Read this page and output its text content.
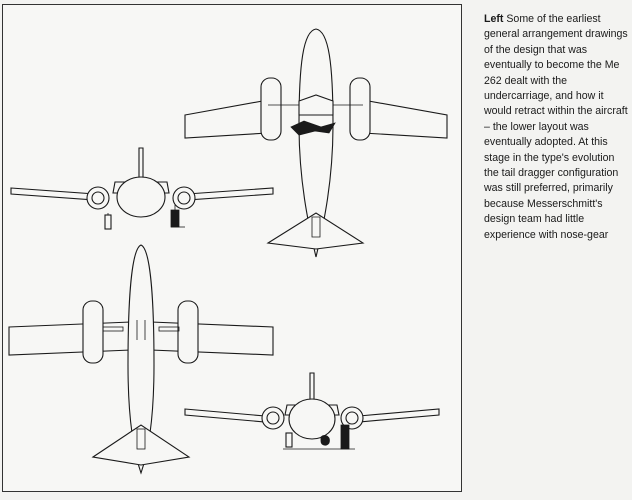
Left Some of the earliest general arrangement drawings of the design that was eventually to become the Me 262 dealt with the undercarriage, and how it would retract within the aircraft – the lower layout was eventually adopted. At this stage in the type's evolution the tail dragger configuration was still preferred, primarily because Messerschmitt's design team had little experience with nose-gear
